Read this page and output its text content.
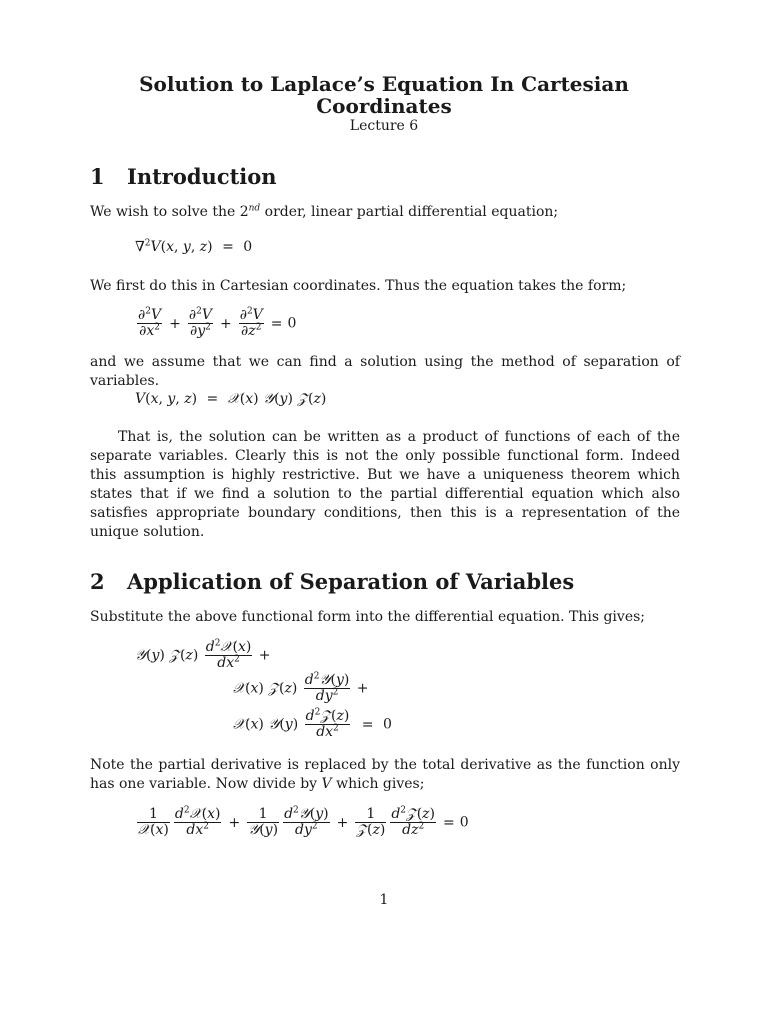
Solution to Laplace’s Equation In Cartesian
Coordinates
Lecture 6
1 Introduction
We wish to solve the 2nd order, linear partial differential equation;
∇$^2$V(x, y, z) = 0
We first do this in Cartesian coordinates. Thus the equation takes the form;
$\frac{\partial^2V}{\partial x^2} + \frac{\partial^2V}{\partial y^2} + \frac{\partial^2V}{\partial z^2} = 0$
and we assume that we can find a solution using the method of separation of variables.
V(x, y, z) = 𝒳(x) 𝒴(y) 𝒵(z)
That is, the solution can be written as a product of functions of each of the separate variables. Clearly this is not the only possible functional form. Indeed this assumption is highly restrictive. But we have a uniqueness theorem which states that if we find a solution to the partial differential equation which also satisfies appropriate boundary conditions, then this is a representation of the unique solution.
2 Application of Separation of Variables
Substitute the above functional form into the differential equation. This gives;
𝒴(y) 𝒵(z) $\frac{d^2𝒳(x)}{dx^2}$ +
𝒳(x) 𝒵(z) $\frac{d^2𝒴(y)}{dy^2}$ +
𝒳(x) 𝒴(y) $\frac{d^2𝒵(z)}{dx^2} = 0$
Note the partial derivative is replaced by the total derivative as the function only has one variable. Now divide by V which gives;
$\frac{1}{\text{𝒳(x)}} \frac{d^2𝒳(x)}{dx^2} + \frac{1}{\text{𝒴(y)}} \frac{d^2𝒴(y)}{dy^2} + \frac{1}{\text{𝒵(z)}} \frac{d^2𝒵(z)}{dz^2} = 0$
1
